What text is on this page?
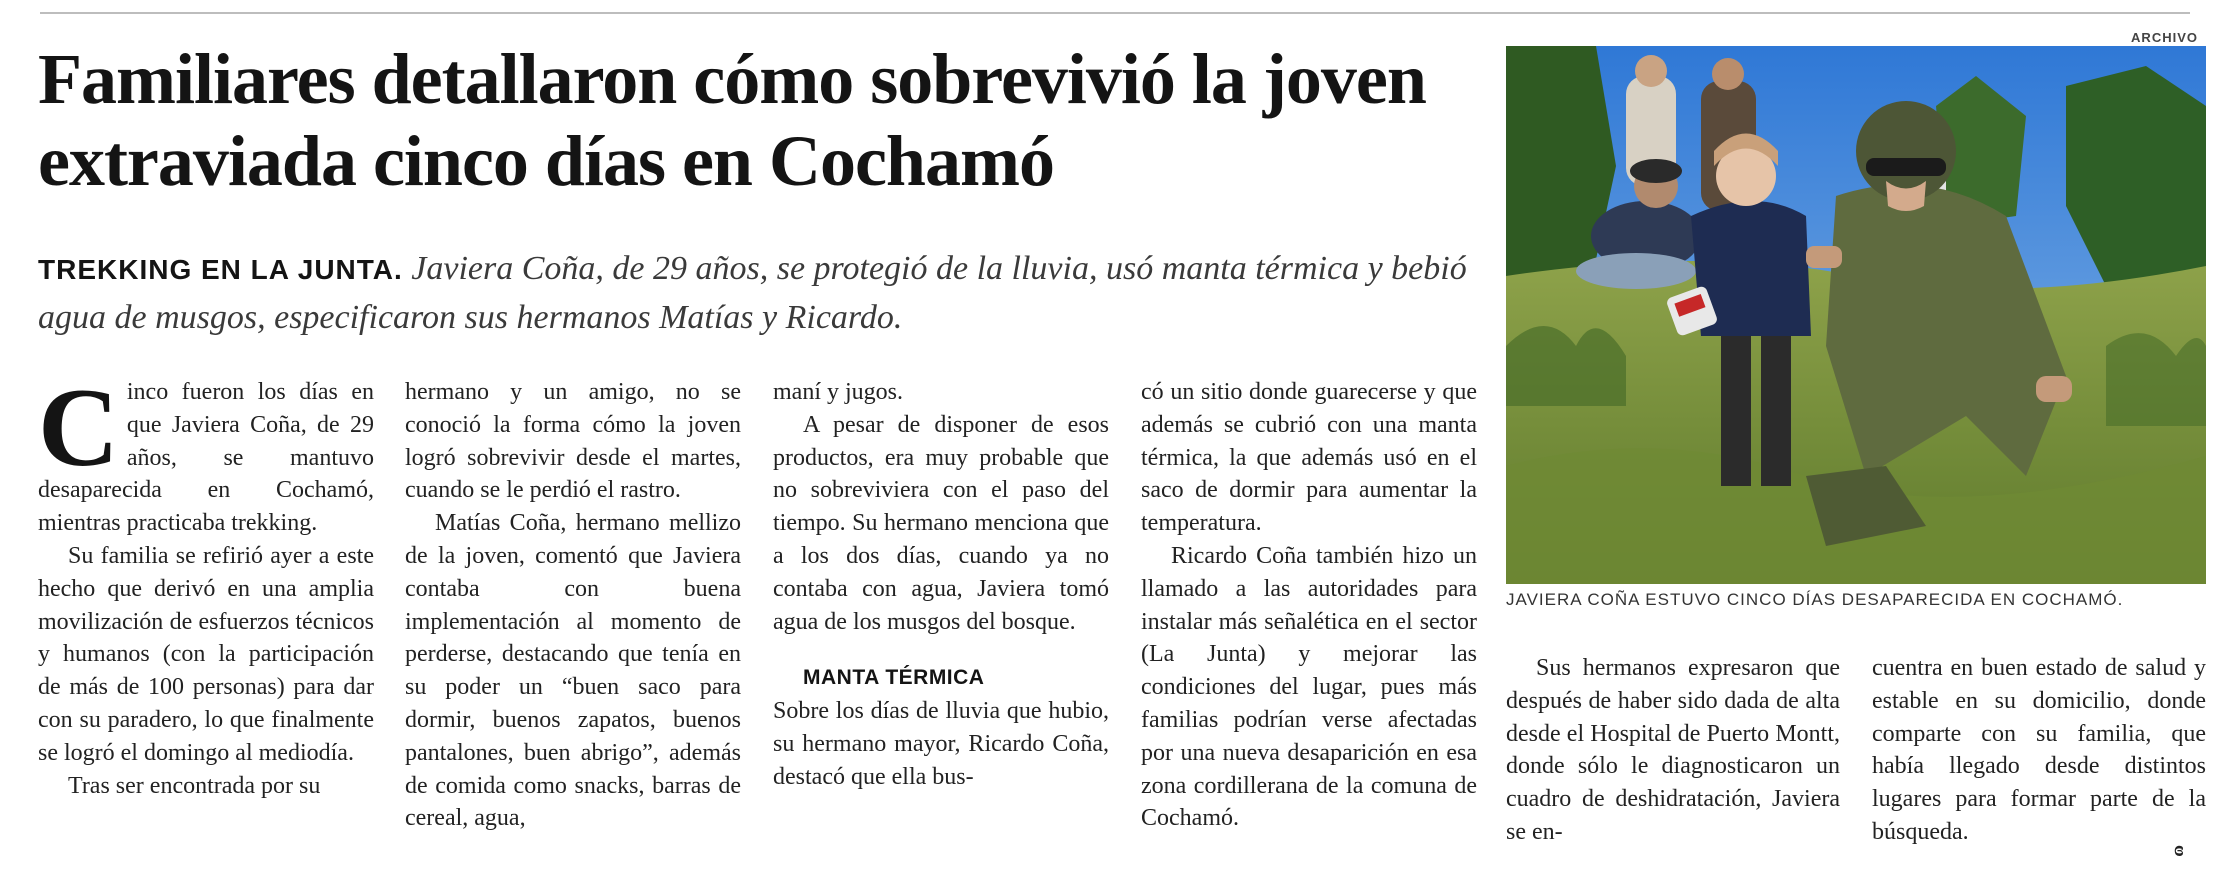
ARCHIVO
Familiares detallaron cómo sobrevivió la joven extraviada cinco días en Cochamó

TREKKING EN LA JUNTA. Javiera Coña, de 29 años, se protegió de la lluvia, usó manta térmica y bebió agua de musgos, especificaron sus hermanos Matías y Ricardo.

Cinco fueron los días en que Javiera Coña, de 29 años, se mantuvo desaparecida en Cochamó, mientras practicaba trekking.

Su familia se refirió ayer a este hecho que derivó en una amplia movilización de esfuerzos técnicos y humanos (con la participación de más de 100 personas) para dar con su paradero, lo que finalmente se logró el domingo al mediodía.

Tras ser encontrada por su

hermano y un amigo, no se conoció la forma cómo la joven logró sobrevivir desde el martes, cuando se le perdió el rastro.

Matías Coña, hermano mellizo de la joven, comentó que Javiera contaba con buena implementación al momento de perderse, destacando que tenía en su poder un “buen saco para dormir, buenos zapatos, buenos pantalones, buen abrigo”, además de comida como snacks, barras de cereal, agua,

maní y jugos.

A pesar de disponer de esos productos, era muy probable que no sobreviviera con el paso del tiempo. Su hermano menciona que a los dos días, cuando ya no contaba con agua, Javiera tomó agua de los musgos del bosque.

MANTA TÉRMICA

Sobre los días de lluvia que hubio, su hermano mayor, Ricardo Coña, destacó que ella bus-

có un sitio donde guarecerse y que además se cubrió con una manta térmica, la que además usó en el saco de dormir para aumentar la temperatura.

Ricardo Coña también hizo un llamado a las autoridades para instalar más señalética en el sector (La Junta) y mejorar las condiciones del lugar, pues más familias podrían verse afectadas por una nueva desaparición en esa zona cordillerana de la comuna de Cochamó.

JAVIERA COÑA ESTUVO CINCO DÍAS DESAPARECIDA EN COCHAMÓ.

Sus hermanos expresaron que después de haber sido dada de alta desde el Hospital de Puerto Montt, donde sólo le diagnosticaron un cuadro de deshidratación, Javiera se en-

cuentra en buen estado de salud y estable en su domicilio, donde comparte con su familia, que había llegado desde distintos lugares para formar parte de la búsqueda.

ɞ
